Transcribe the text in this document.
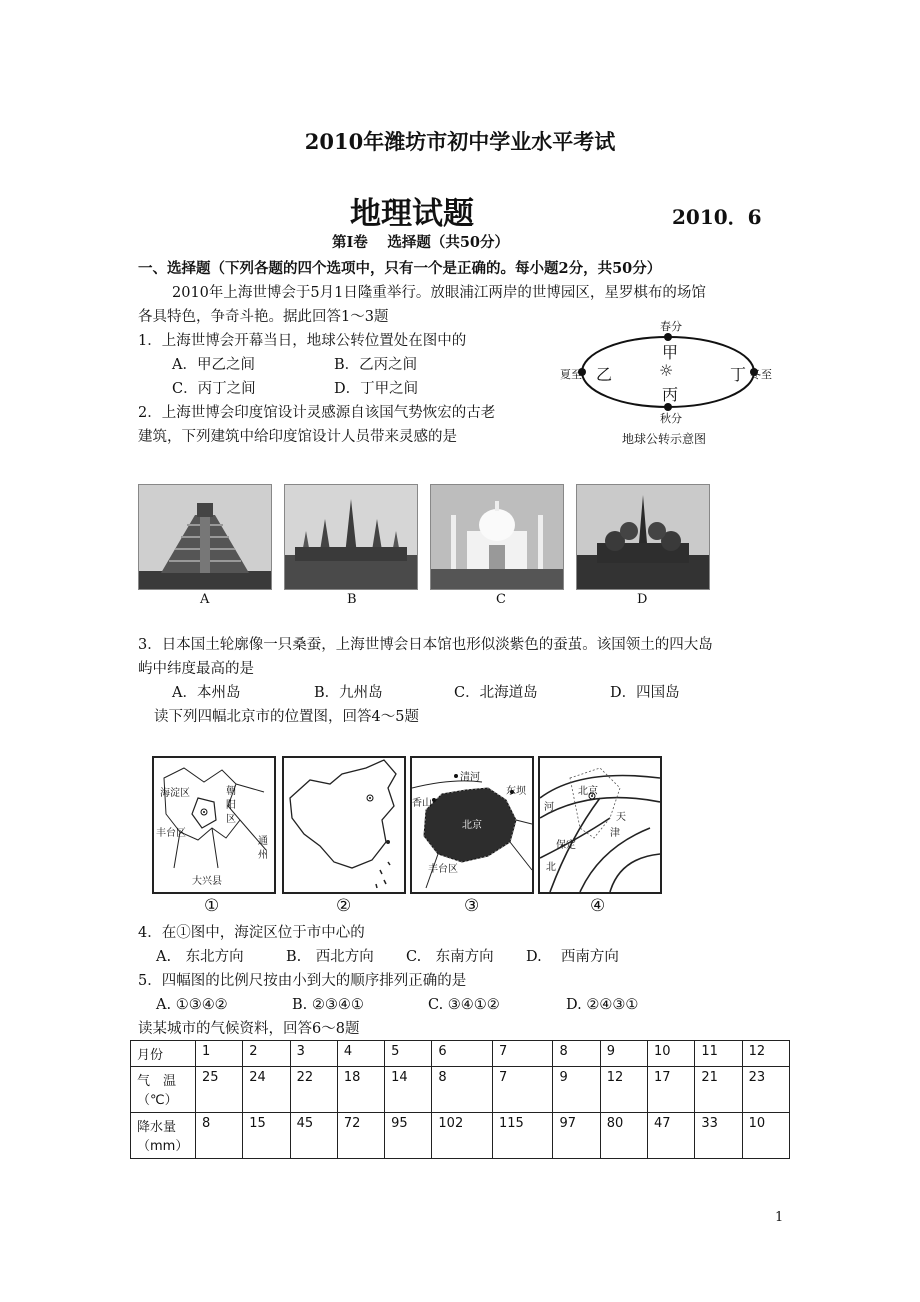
2010年潍坊市初中学业水平考试
地理试题	2010．6
第Ⅰ卷　 选择题（共50分）
一、选择题（下列各题的四个选项中，只有一个是正确的。每小题2分，共50分）
2010年上海世博会于5月1日隆重举行。放眼浦江两岸的世博园区，星罗棋布的场馆
各具特色，争奇斗艳。据此回答1～3题
1．上海世博会开幕当日，地球公转位置处在图中的
A．甲乙之间	B．乙丙之间
C．丙丁之间	D．丁甲之间
春分
甲
夏至 乙	☼	丁 冬至
丙
秋分
地球公转示意图
2．上海世博会印度馆设计灵感源自该国气势恢宏的古老
建筑，下列建筑中给印度馆设计人员带来灵感的是
A	B	C	D
3．日本国土轮廓像一只桑蚕，上海世博会日本馆也形似淡紫色的蚕茧。该国领土的四大岛
屿中纬度最高的是
A．本州岛	B．九州岛	C．北海道岛	D．四国岛
读下列四幅北京市的位置图，回答4～5题
海淀区	朝
阳
区
丰台区
通
州
大兴县
清河
东坝
香山
北京
丰台区
北京
河
天
津
保定
北
①	②	③	④
4．在①图中，海淀区位于市中心的
A.　东北方向	B.　西北方向 C.　东南方向 D.　 西南方向
5．四幅图的比例尺按由小到大的顺序排列正确的是
A. ①③④②	B. ②③④①	C. ③④①②	D. ②④③①
读某城市的气候资料，回答6～8题
月份	1	2	3	4	5	6	7	8	9	10	11	12

气　温
（℃）	25	24	22	18	14	8	7	9	12	17	21	23

降水量
（mm）	8	15	45	72	95	102	115	97	80	47	33	10
1
